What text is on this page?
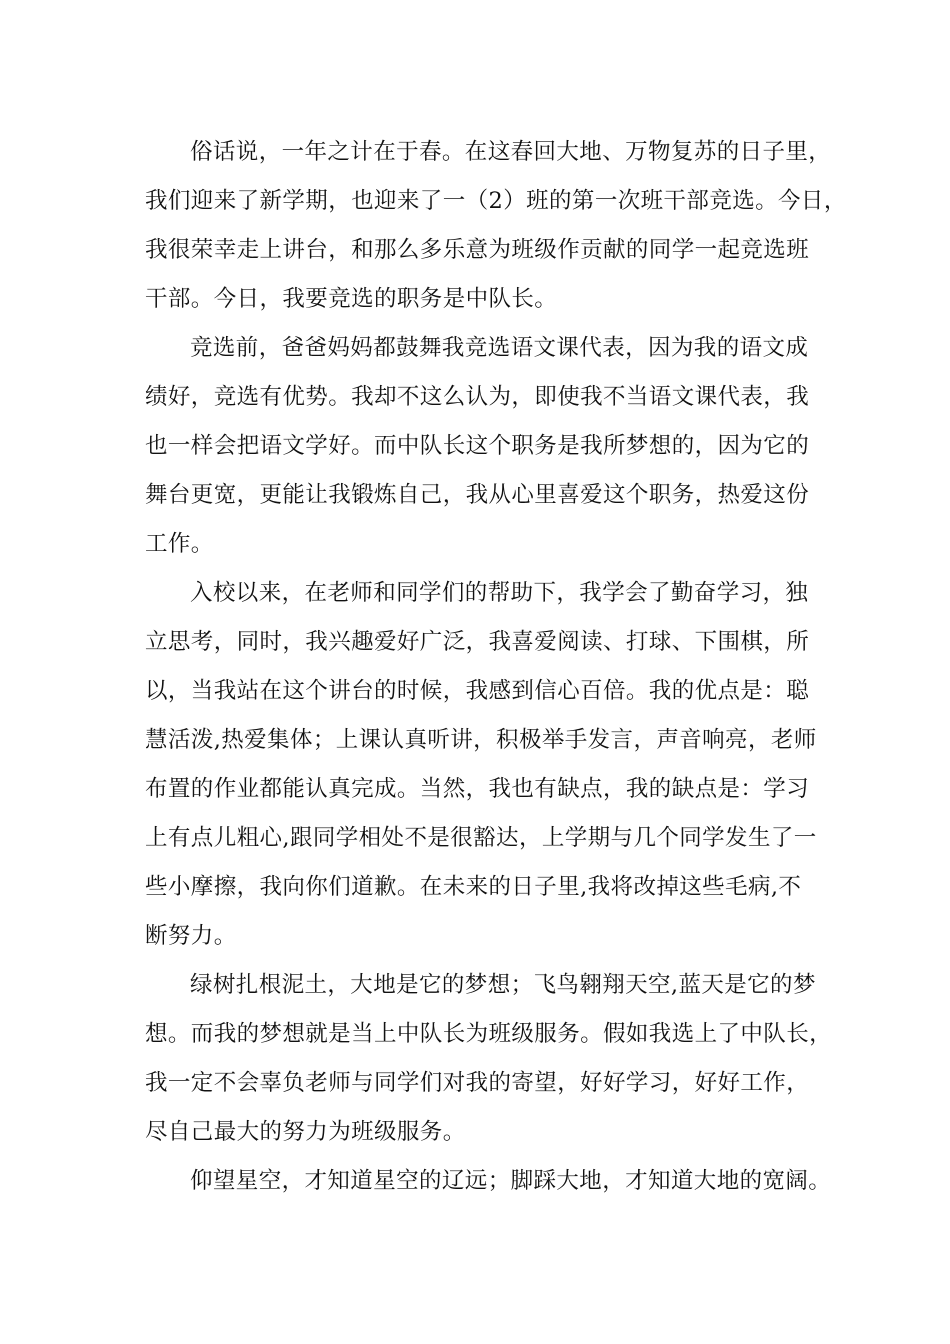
俗话说，一年之计在于春。在这春回大地、万物复苏的日子里，
我们迎来了新学期，也迎来了一（2）班的第一次班干部竞选。今日，
我很荣幸走上讲台，和那么多乐意为班级作贡献的同学一起竞选班
干部。今日，我要竞选的职务是中队长。
竞选前，爸爸妈妈都鼓舞我竞选语文课代表，因为我的语文成
绩好，竞选有优势。我却不这么认为，即使我不当语文课代表，我
也一样会把语文学好。而中队长这个职务是我所梦想的，因为它的
舞台更宽，更能让我锻炼自己，我从心里喜爱这个职务，热爱这份
工作。
入校以来，在老师和同学们的帮助下，我学会了勤奋学习，独
立思考，同时，我兴趣爱好广泛，我喜爱阅读、打球、下围棋，所
以，当我站在这个讲台的时候，我感到信心百倍。我的优点是：聪
慧活泼,热爱集体；上课认真听讲，积极举手发言，声音响亮，老师
布置的作业都能认真完成。当然，我也有缺点，我的缺点是：学习
上有点儿粗心,跟同学相处不是很豁达，上学期与几个同学发生了一
些小摩擦，我向你们道歉。在未来的日子里,我将改掉这些毛病,不
断努力。
绿树扎根泥土，大地是它的梦想；飞鸟翱翔天空,蓝天是它的梦
想。而我的梦想就是当上中队长为班级服务。假如我选上了中队长，
我一定不会辜负老师与同学们对我的寄望，好好学习，好好工作，
尽自己最大的努力为班级服务。
仰望星空，才知道星空的辽远；脚踩大地，才知道大地的宽阔。
